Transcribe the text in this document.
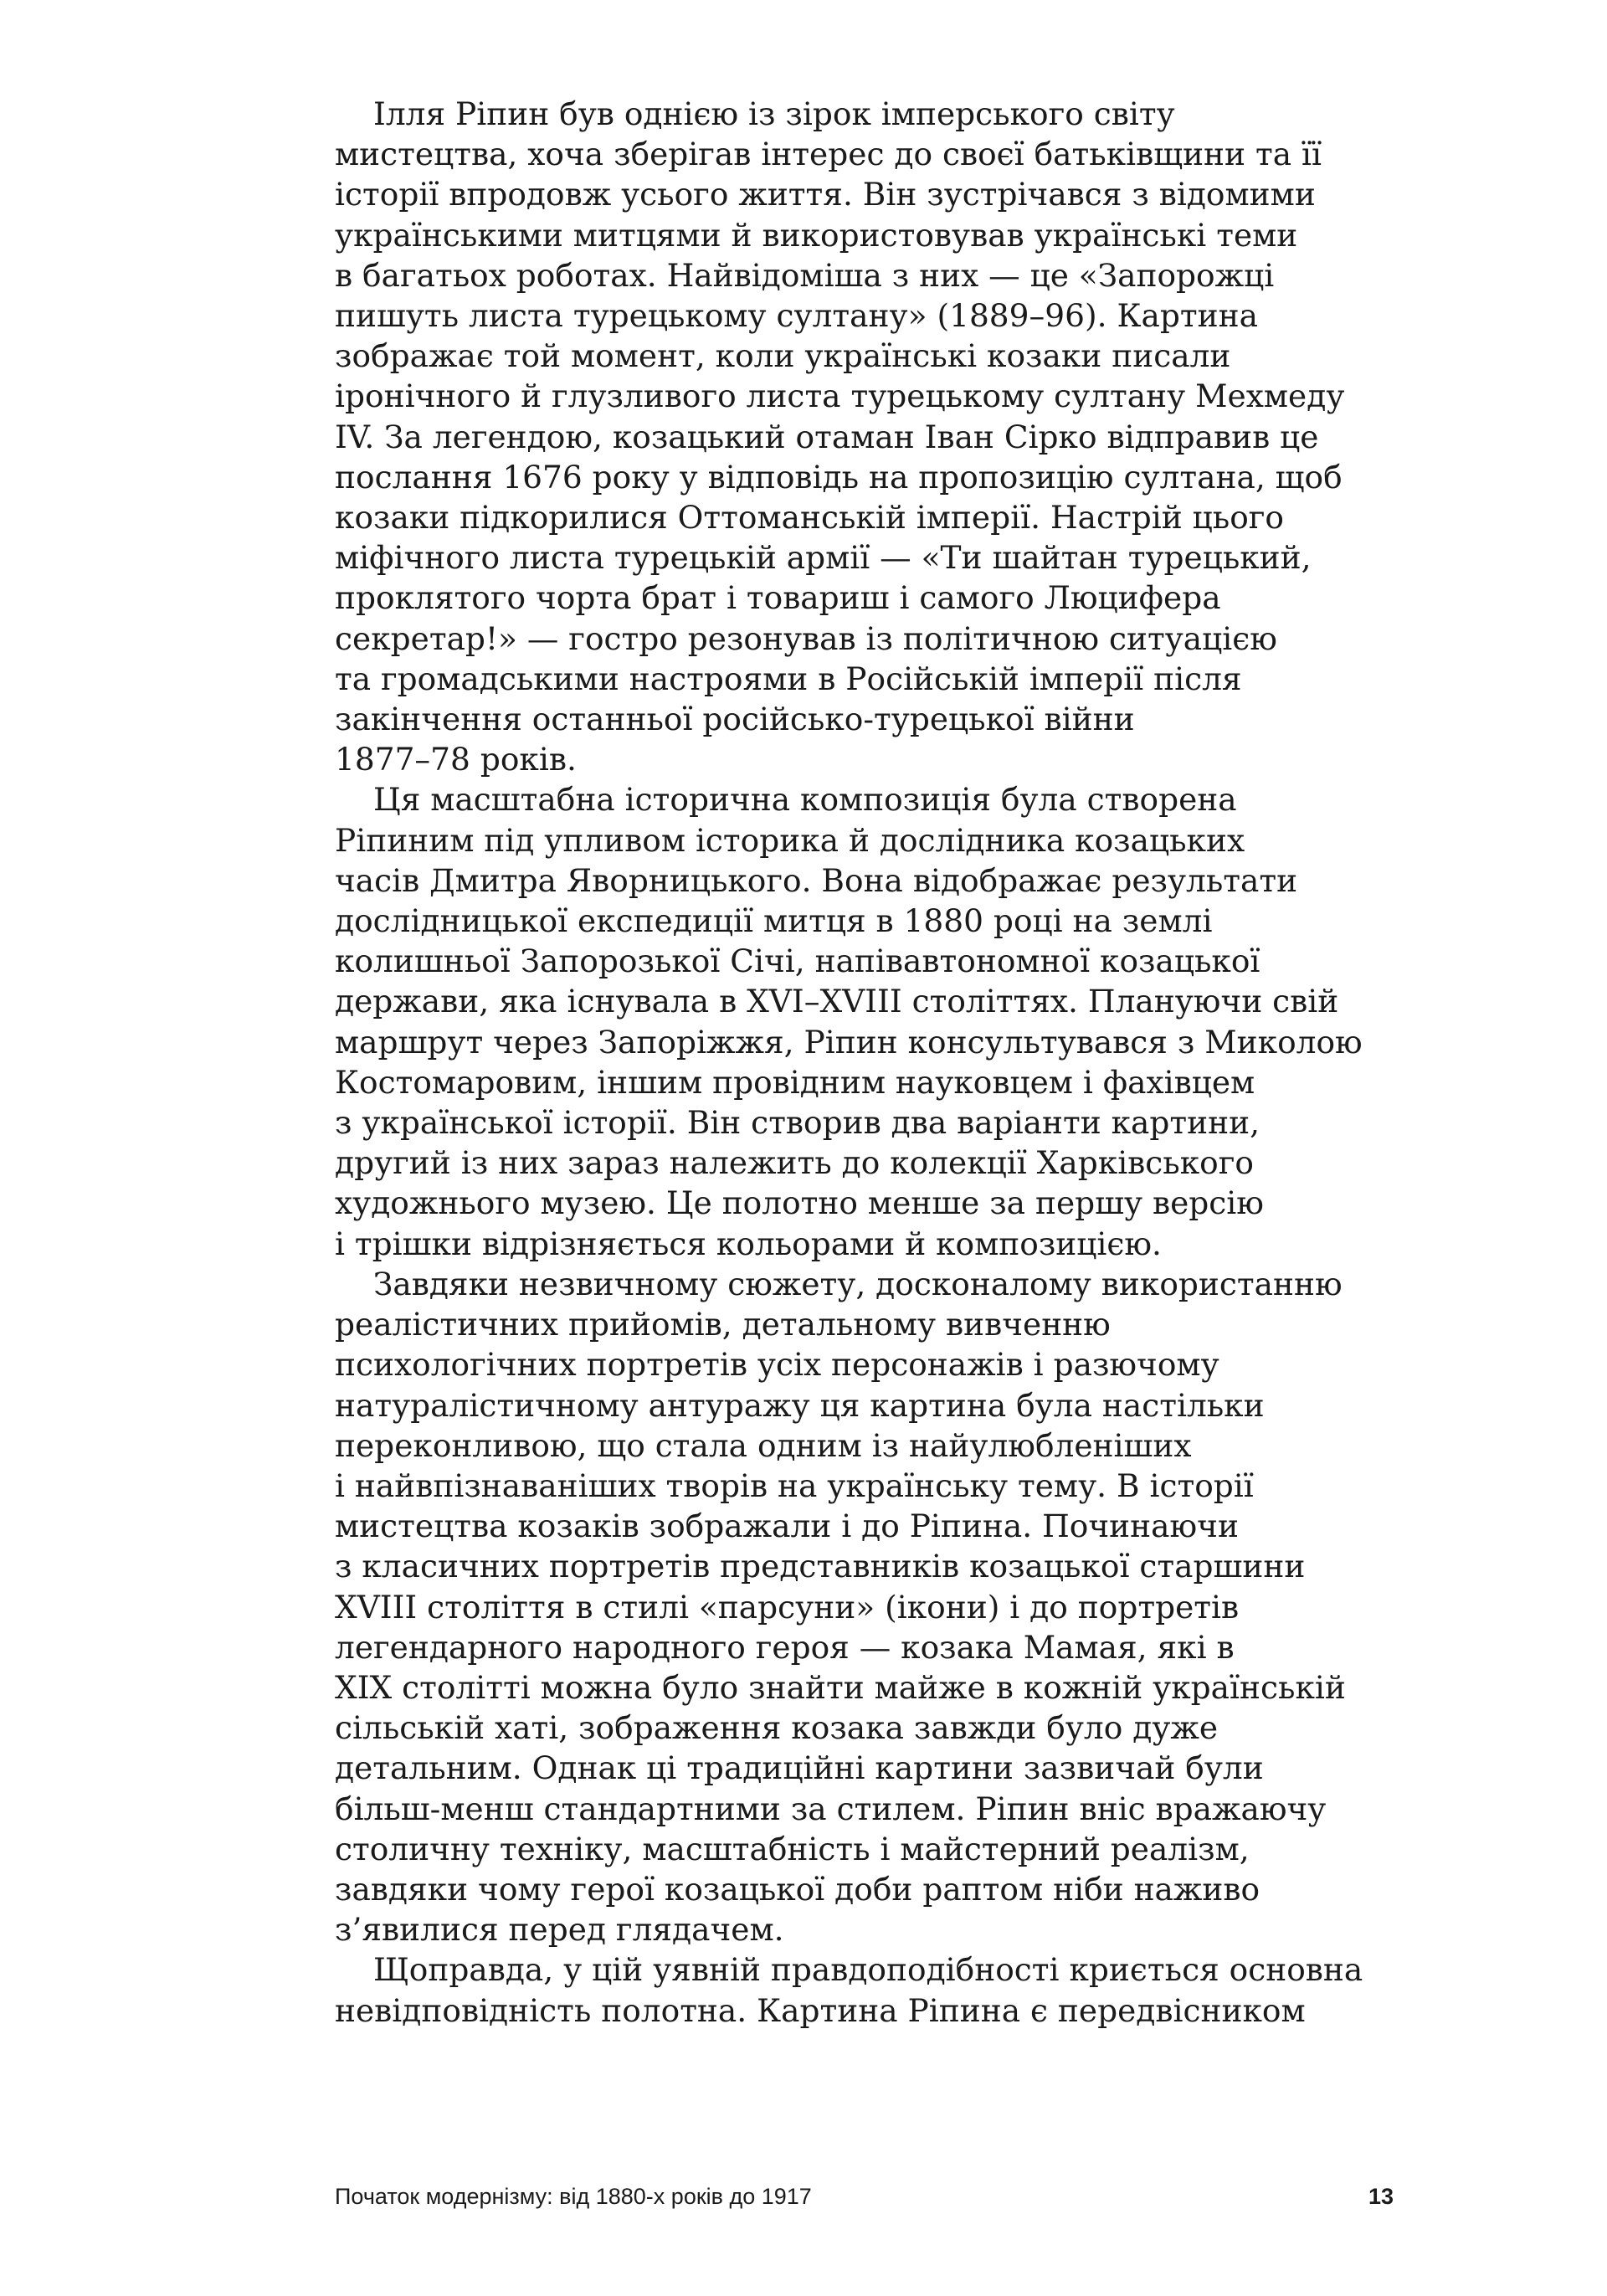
Ілля Рiпин був однією із зірок імперського світу
мистецтва, хоча зберігав інтерес до своєї батьківщини та її
історії впродовж усього життя. Він зустрічався з відомими
українськими митцями й використовував українські теми
в багатьох роботах. Найвідоміша з них — це «Запорожці
пишуть листа турецькому султану» (1889–96). Картина
зображає той момент, коли українські козаки писали
іронічного й глузливого листа турецькому султану Мехмеду
IV. За легендою, козацький отаман Іван Сірко відправив це
послання 1676 року у відповідь на пропозицію султана, щоб
козаки підкорилися Оттоманській імперії. Настрій цього
міфічного листа турецькій армії — «Ти шайтан турецький,
проклятого чорта брат і товариш і самого Люцифера
секретар!» — гостро резонував із політичною ситуацією
та громадськими настроями в Російській імперії після
закінчення останньої російсько-турецької війни
1877–78 років.
Ця масштабна історична композиція була створена
Рiпиним під упливом історика й дослідника козацьких
часів Дмитра Яворницького. Вона відображає результати
дослідницької експедиції митця в 1880 році на землі
колишньої Запорозької Січі, напівавтономної козацької
держави, яка існувала в XVI–XVIII століттях. Плануючи свій
маршрут через Запоріжжя, Рiпин консультувався з Миколою
Костомаровим, іншим провідним науковцем і фахівцем
з української історії. Він створив два варіанти картини,
другий із них зараз належить до колекції Харківського
художнього музею. Це полотно менше за першу версію
і трішки відрізняється кольорами й композицією.
Завдяки незвичному сюжету, досконалому використанню
реалістичних прийомів, детальному вивченню
психологічних портретів усіх персонажів і разючому
натуралістичному антуражу ця картина була настільки
переконливою, що стала одним із найулюбленіших
і найвпізнаваніших творів на українську тему. В історії
мистецтва козаків зображали і до Рiпина. Починаючи
з класичних портретів представників козацької старшини
XVIII століття в стилі «парсуни» (ікони) і до портретів
легендарного народного героя — козака Мамая, які в
XIX столітті можна було знайти майже в кожній українській
сільській хаті, зображення козака завжди було дуже
детальним. Однак ці традиційні картини зазвичай були
більш-менш стандартними за стилем. Рiпин вніс вражаючу
столичну техніку, масштабність і майстерний реалізм,
завдяки чому герої козацької доби раптом ніби наживо
з’явилися перед глядачем.
Щоправда, у цій уявній правдоподібності криється основна
невідповідність полотна. Картина Рiпина є передвісником
Початок модернізму: від 1880-х років до 1917	13
